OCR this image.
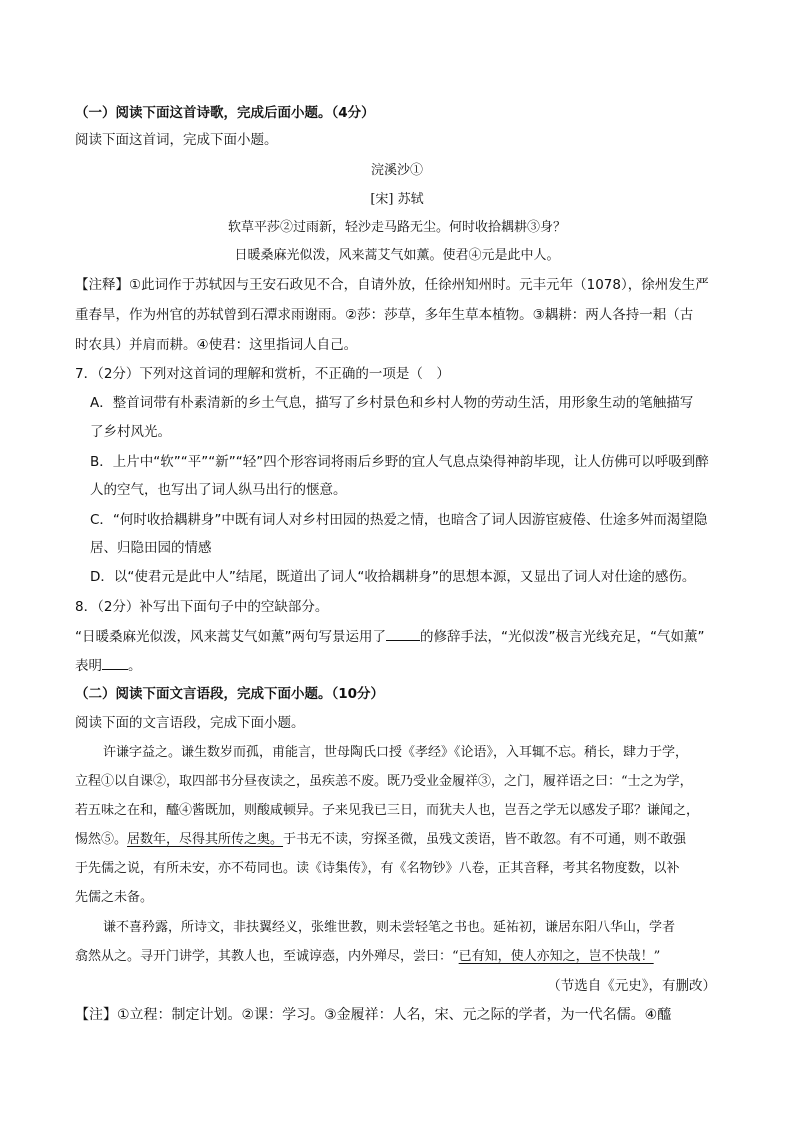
（一）阅读下面这首诗歌，完成后面小题。（4分）
阅读下面这首词，完成下面小题。
浣溪沙①
[宋] 苏轼
软草平莎②过雨新，轻沙走马路无尘。何时收拾耦耕③身？
日暖桑麻光似泼，风来蒿艾气如薰。使君④元是此中人。
【注释】①此词作于苏轼因与王安石政见不合，自请外放，任徐州知州时。元丰元年（1078），徐州发生严
重春旱，作为州官的苏轼曾到石潭求雨谢雨。②莎：莎草，多年生草本植物。③耦耕：两人各持一耜（古
时农具）并肩而耕。④使君：这里指词人自己。
7．（2分）下列对这首词的理解和赏析，不正确的一项是（　）
A．整首词带有朴素清新的乡土气息，描写了乡村景色和乡村人物的劳动生活，用形象生动的笔触描写
了乡村风光。
B．上片中“软”“平”“新”“轻”四个形容词将雨后乡野的宜人气息点染得神韵毕现，让人仿佛可以呼吸到醉
人的空气，也写出了词人纵马出行的惬意。
C．“何时收拾耦耕身”中既有词人对乡村田园的热爱之情，也暗含了词人因游宦疲倦、仕途多舛而渴望隐
居、归隐田园的情感
D．以“使君元是此中人”结尾，既道出了词人“收拾耦耕身”的思想本源，又显出了词人对仕途的感伤。
8．（2分）补写出下面句子中的空缺部分。
“日暖桑麻光似泼，风来蒿艾气如薰”两句写景运用了	的修辞手法，“光似泼”极言光线充足，“气如薰”
表明 。
（二）阅读下面文言语段，完成下面小题。（10分）
阅读下面的文言语段，完成下面小题。
许谦字益之。谦生数岁而孤，甫能言，世母陶氏口授《孝经》《论语》，入耳辄不忘。稍长，肆力于学，
立程①以自课②，取四部书分昼夜读之，虽疾恙不废。既乃受业金履祥③，之门，履祥语之曰：“士之为学，
若五味之在和，醯④酱既加，则酸咸顿异。子来见我已三日，而犹夫人也，岂吾之学无以感发子耶？谦闻之，
惕然⑤。居数年，尽得其所传之奥。于书无不读，穷探圣微，虽残文羡语，皆不敢忽。有不可通，则不敢强
于先儒之说，有所未安，亦不苟同也。读《诗集传》，有《名物钞》八卷，正其音释，考其名物度数，以补
先儒之未备。
谦不喜矜露，所诗文，非扶翼经义，张维世教，则未尝轻笔之书也。延祐初，谦居东阳八华山，学者
翕然从之。寻开门讲学，其教人也，至诚谆悫，内外殚尽，尝曰：“已有知，使人亦知之，岂不快哉！”
（节选自《元史》，有删改）
【注】①立程：制定计划。②课：学习。③金履祥：人名，宋、元之际的学者，为一代名儒。④醯
